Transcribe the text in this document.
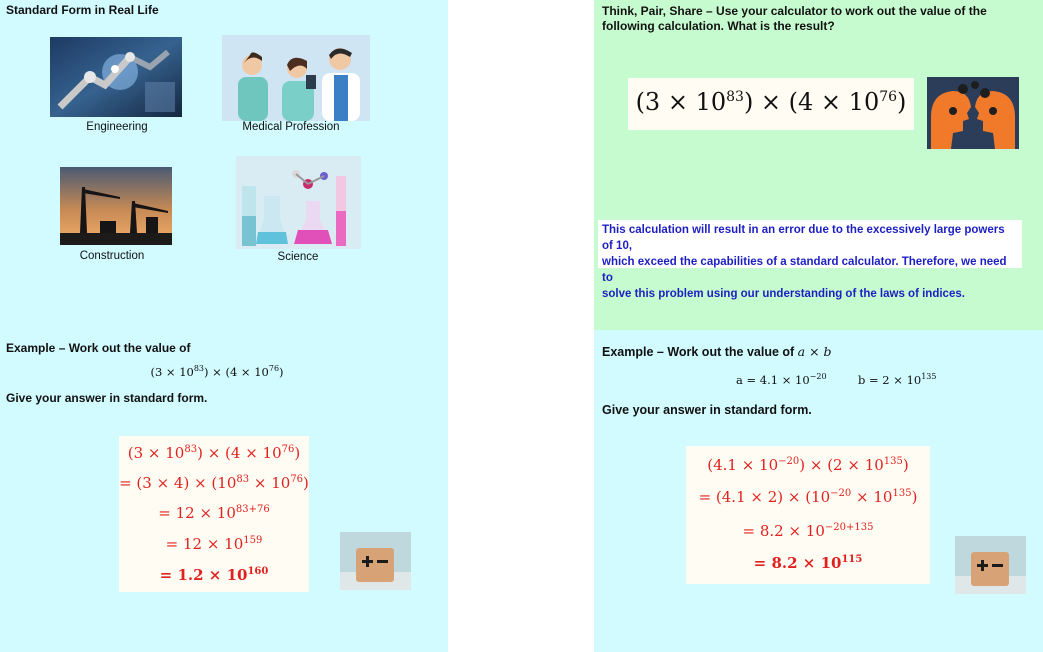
Standard Form in Real Life
Engineering	Medical Profession
Construction	Science
Think, Pair, Share – Use your calculator to work out the value of the
following calculation. What is the result?
$(3 \times 10^{83}) \times (4 \times 10^{76})$
This calculation will result in an error due to the excessively large powers of 10,
which exceed the capabilities of a standard calculator. Therefore, we need to
solve this problem using our understanding of the laws of indices.
Example – Work out the value of
$(3 \times 10^{83}) \times (4 \times 10^{76})$
Give your answer in standard form.
$(3 \times 10^{83}) \times (4 \times 10^{76})$
= $(3 \times 4) \times (10^{83} \times 10^{76})$
= $12 \times 10^{83+76}$
= $12 \times 10^{159}$
= $1.2 \times 10^{160}$
Example – Work out the value of a × b
$a = 4.1 \times 10^{-20}$	$b = 2 \times 10^{135}$
Give your answer in standard form.
$(4.1 \times 10^{-20}) \times (2 \times 10^{135})$
= $(4.1 \times 2) \times (10^{-20} \times 10^{135})$
= $8.2 \times 10^{-20+135}$
= $8.2 \times 10^{115}$
